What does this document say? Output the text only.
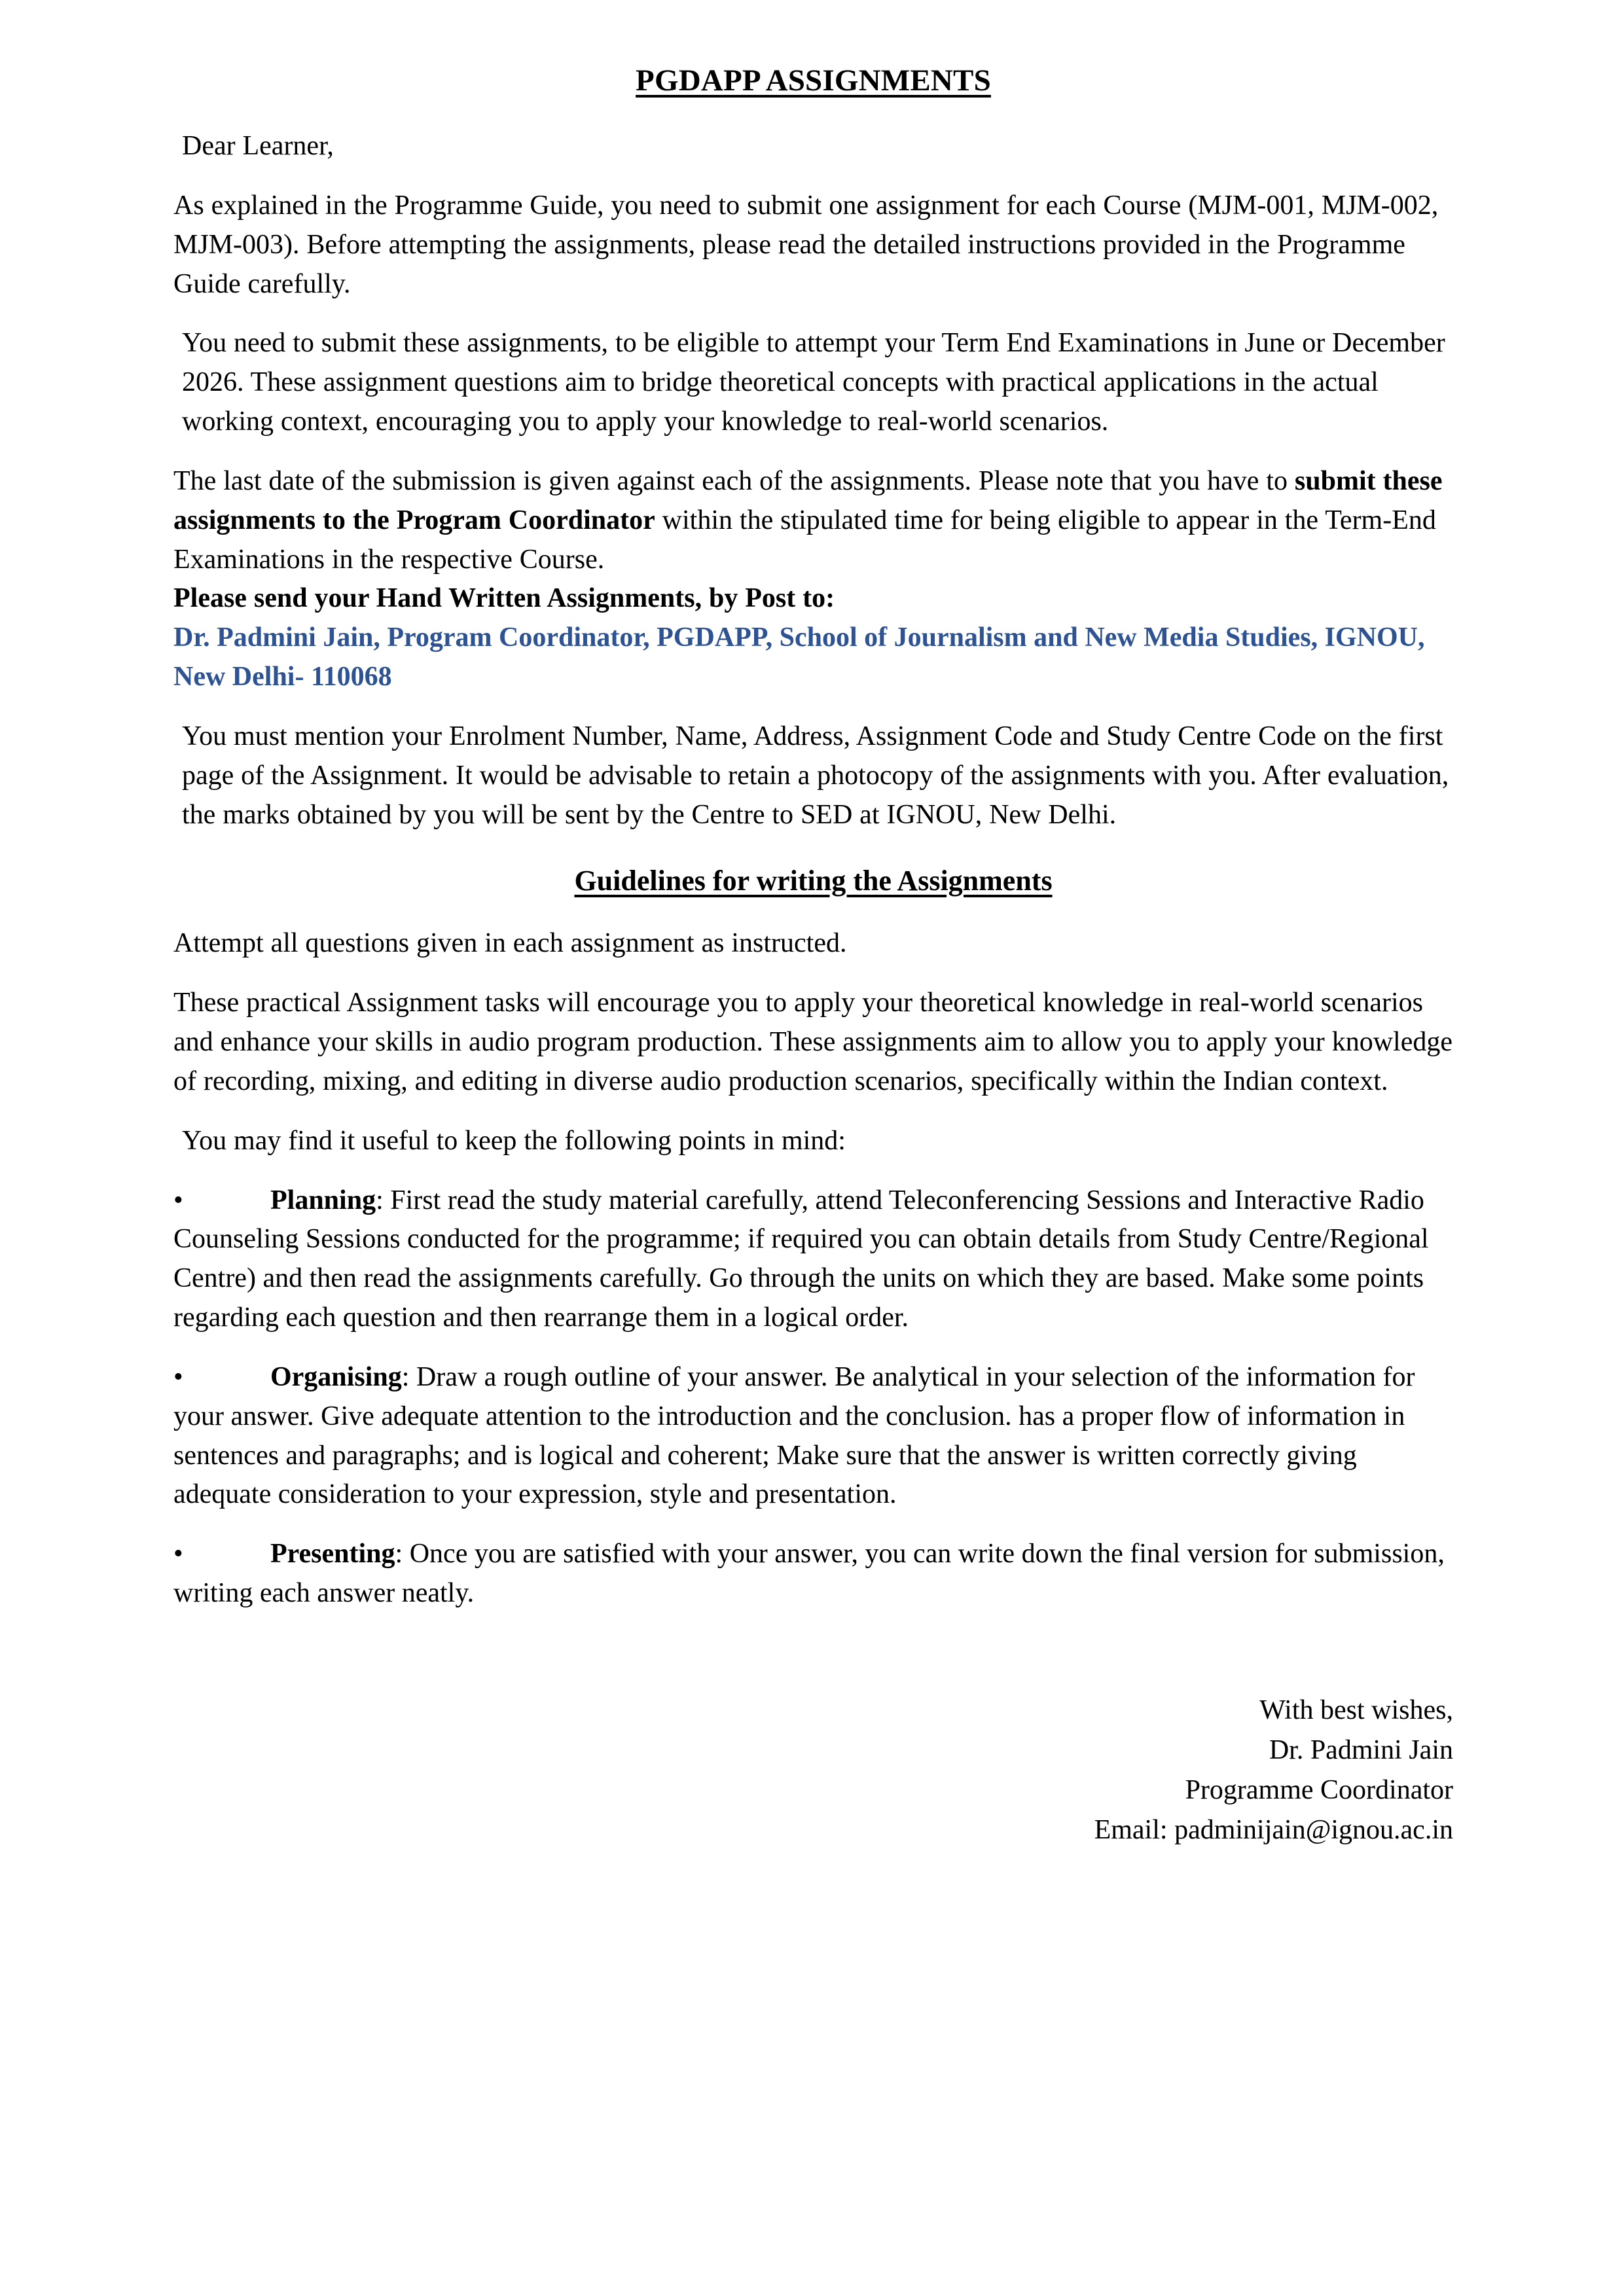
PGDAPP ASSIGNMENTS

Dear Learner,

As explained in the Programme Guide, you need to submit one assignment for each Course (MJM-001, MJM-002, MJM-003). Before attempting the assignments, please read the detailed instructions provided in the Programme Guide carefully.

You need to submit these assignments, to be eligible to attempt your Term End Examinations in June or December 2026. These assignment questions aim to bridge theoretical concepts with practical applications in the actual working context, encouraging you to apply your knowledge to real-world scenarios.

The last date of the submission is given against each of the assignments. Please note that you have to submit these assignments to the Program Coordinator within the stipulated time for being eligible to appear in the Term-End Examinations in the respective Course.

Please send your Hand Written Assignments, by Post to:

Dr. Padmini Jain, Program Coordinator, PGDAPP, School of Journalism and New Media Studies, IGNOU, New Delhi- 110068

You must mention your Enrolment Number, Name, Address, Assignment Code and Study Centre Code on the first page of the Assignment. It would be advisable to retain a photocopy of the assignments with you. After evaluation, the marks obtained by you will be sent by the Centre to SED at IGNOU, New Delhi.

Guidelines for writing the Assignments

Attempt all questions given in each assignment as instructed.

These practical Assignment tasks will encourage you to apply your theoretical knowledge in real-world scenarios and enhance your skills in audio program production. These assignments aim to allow you to apply your knowledge of recording, mixing, and editing in diverse audio production scenarios, specifically within the Indian context.

You may find it useful to keep the following points in mind:

•	Planning: First read the study material carefully, attend Teleconferencing Sessions and Interactive Radio Counseling Sessions conducted for the programme; if required you can obtain details from Study Centre/Regional Centre) and then read the assignments carefully. Go through the units on which they are based. Make some points regarding each question and then rearrange them in a logical order.
•	Organising: Draw a rough outline of your answer. Be analytical in your selection of the information for your answer. Give adequate attention to the introduction and the conclusion. has a proper flow of information in sentences and paragraphs; and is logical and coherent; Make sure that the answer is written correctly giving adequate consideration to your expression, style and presentation.
•	Presenting: Once you are satisfied with your answer, you can write down the final version for submission, writing each answer neatly.
With best wishes,
Dr. Padmini Jain
Programme Coordinator
Email: padminijain@ignou.ac.in
